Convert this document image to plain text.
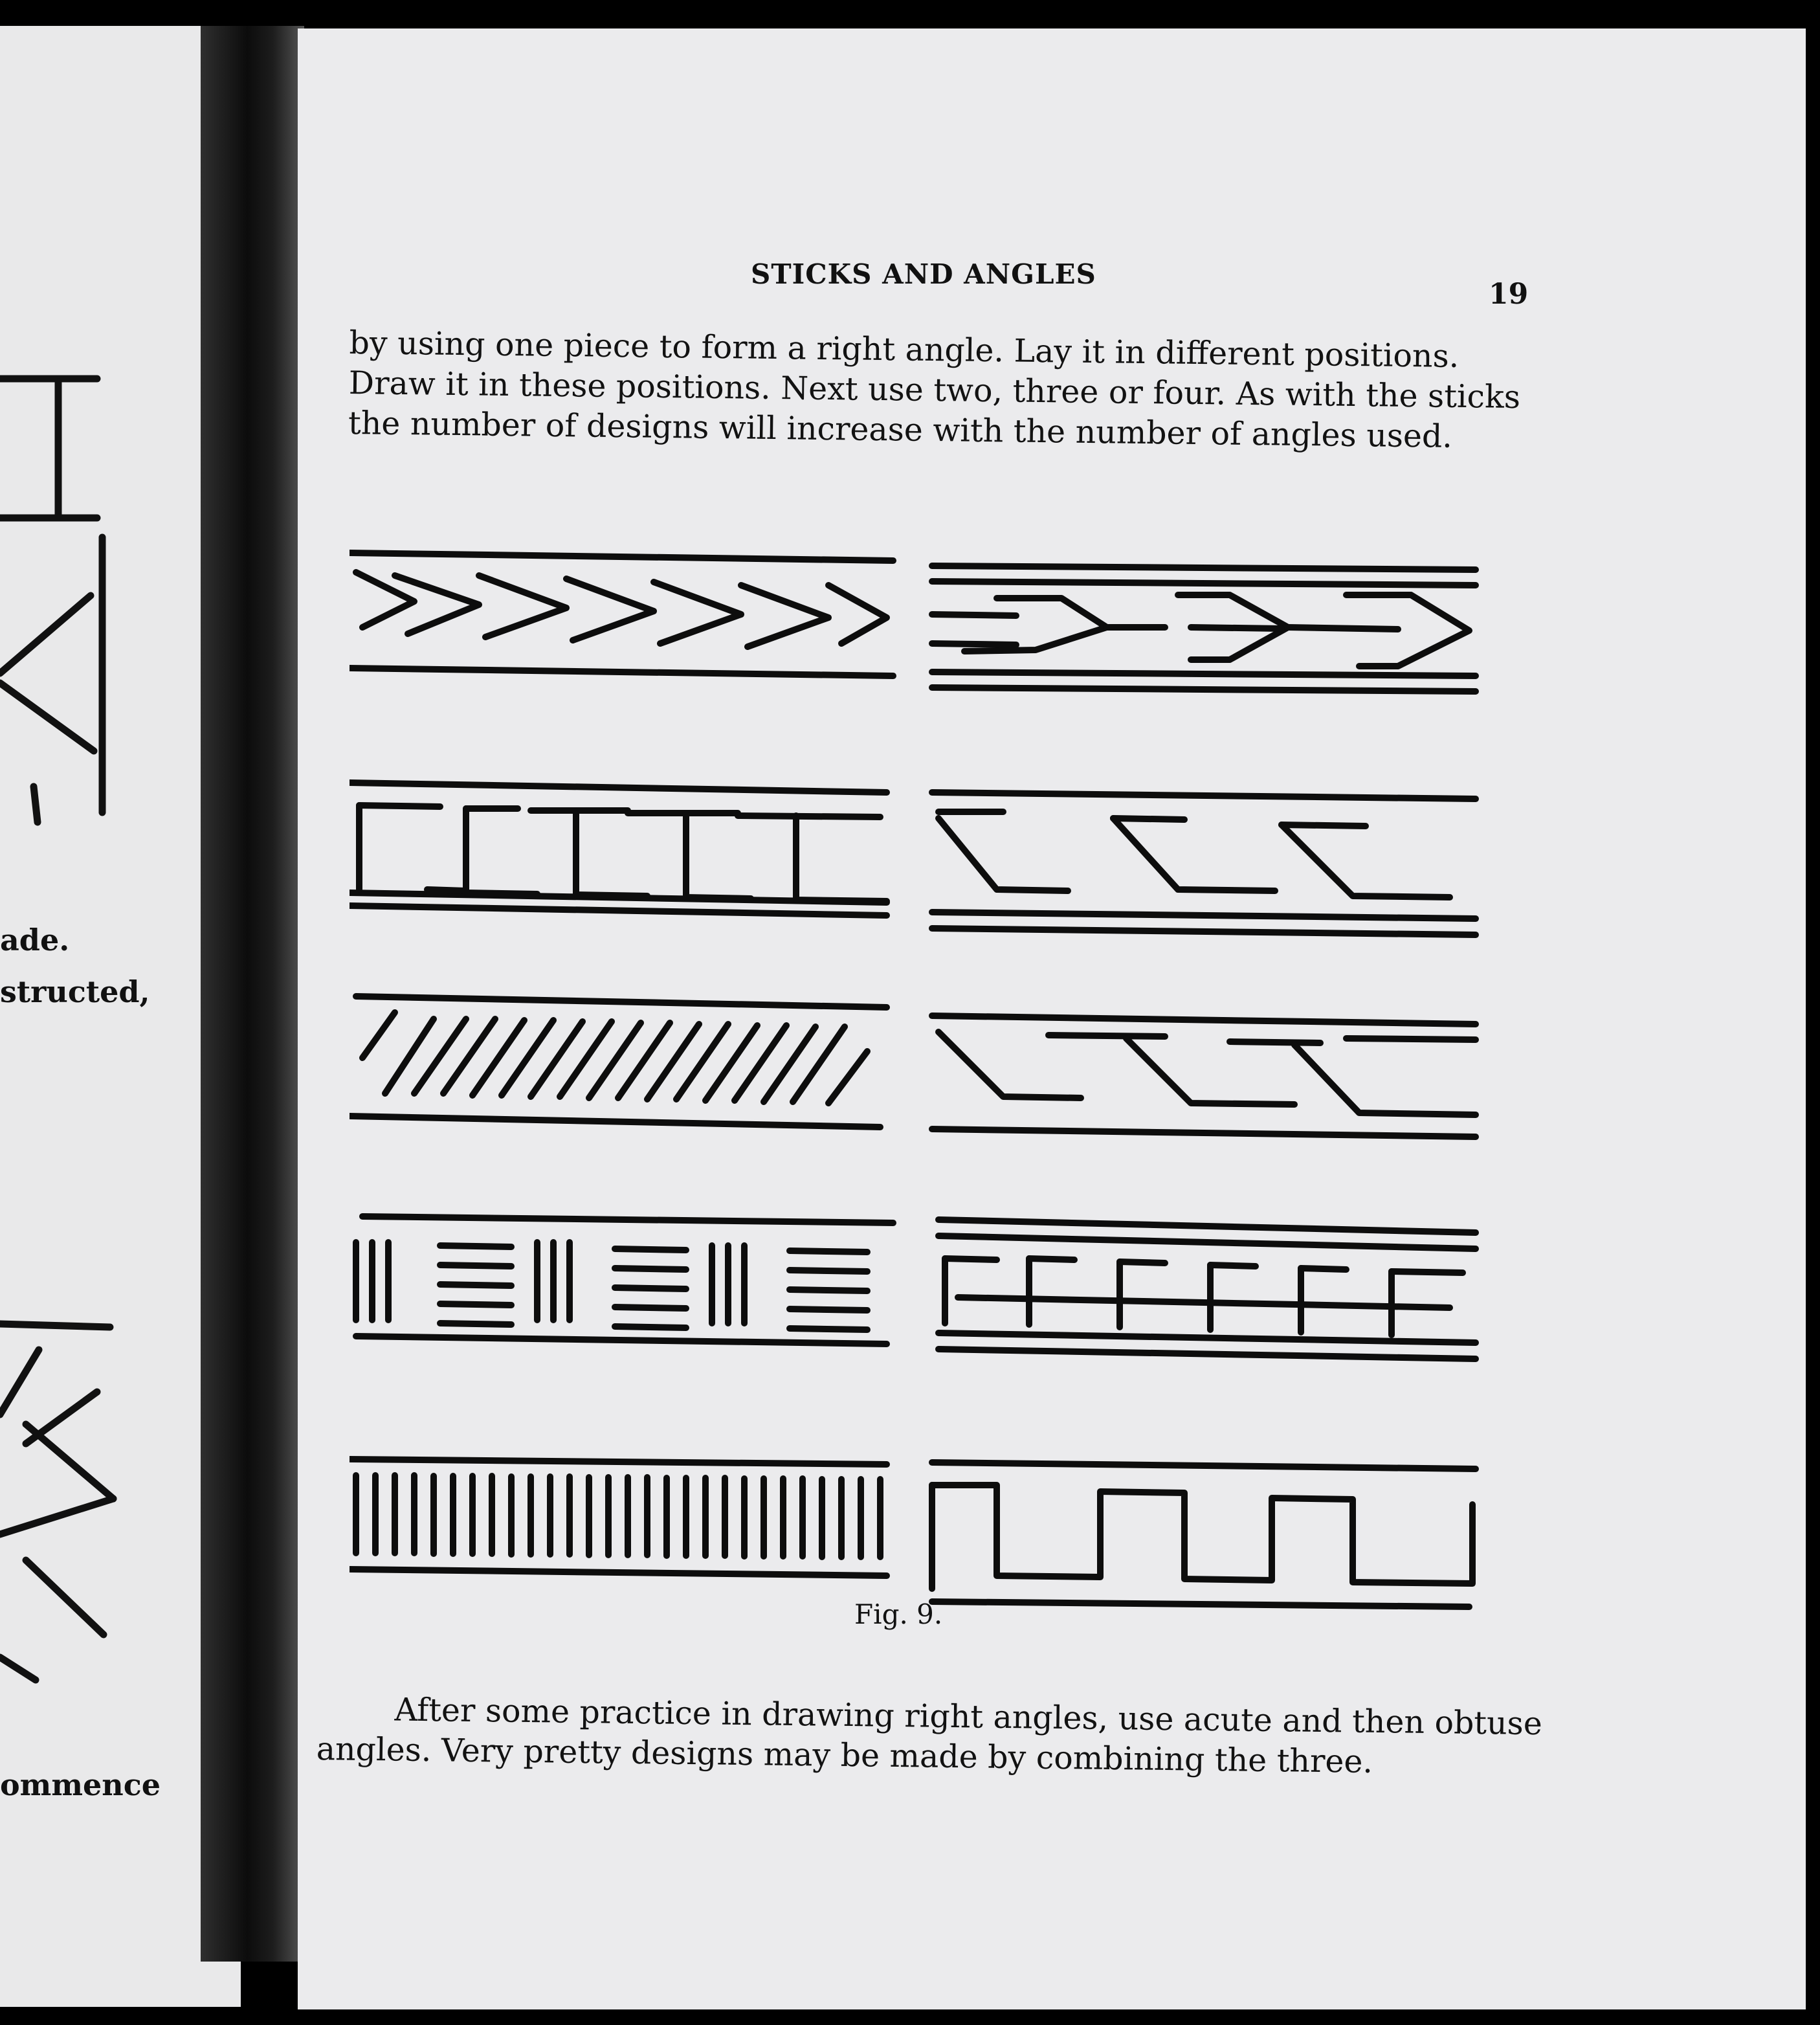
ade.
structed,
ommence
STICKS AND ANGLES
19
by using one piece to form a right angle. Lay it in different positions.
Draw it in these positions. Next use two, three or four. As with the sticks
the number of designs will increase with the number of angles used.
Fig. 9.
After some practice in drawing right angles, use acute and then obtuse
angles. Very pretty designs may be made by combining the three.
